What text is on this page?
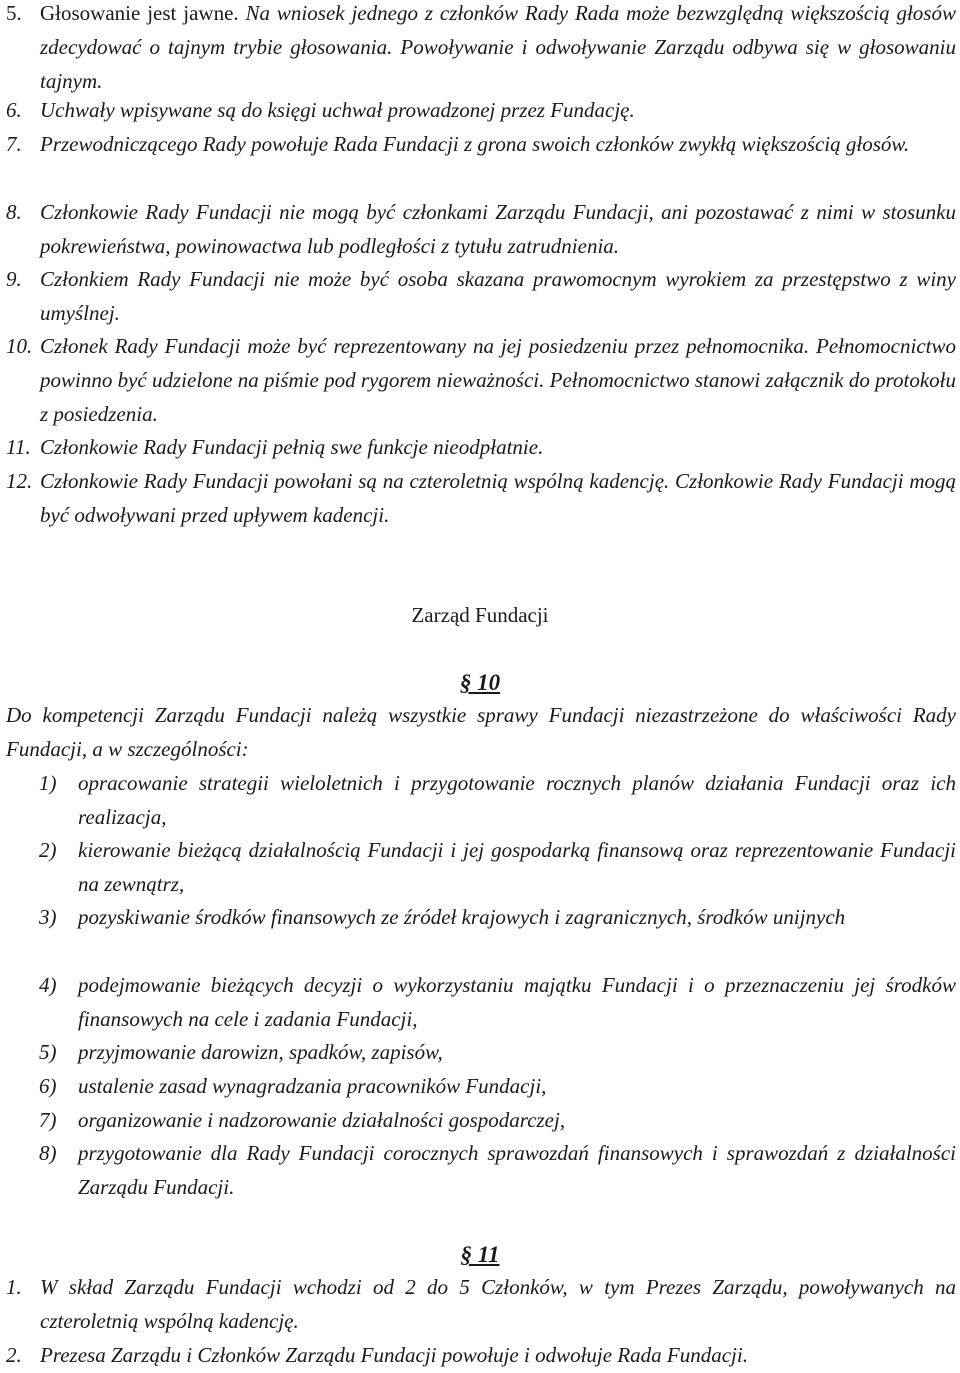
5. Głosowanie jest jawne. Na wniosek jednego z członków Rady Rada może bezwzględną większością głosów zdecydować o tajnym trybie głosowania. Powoływanie i odwoływanie Zarządu odbywa się w głosowaniu tajnym.

6. Uchwały wpisywane są do księgi uchwał prowadzonej przez Fundację.

7. Przewodniczącego Rady powołuje Rada Fundacji z grona swoich członków zwykłą większością głosów.

8. Członkowie Rady Fundacji nie mogą być członkami Zarządu Fundacji, ani pozostawać z nimi w stosunku pokrewieństwa, powinowactwa lub podległości z tytułu zatrudnienia.

9. Członkiem Rady Fundacji nie może być osoba skazana prawomocnym wyrokiem za przestępstwo z winy umyślnej.

10. Członek Rady Fundacji może być reprezentowany na jej posiedzeniu przez pełnomocnika. Pełnomocnictwo powinno być udzielone na piśmie pod rygorem nieważności. Pełnomocnictwo stanowi załącznik do protokołu z posiedzenia.

11. Członkowie Rady Fundacji pełnią swe funkcje nieodpłatnie.

12. Członkowie Rady Fundacji powołani są na czteroletnią wspólną kadencję. Członkowie Rady Fundacji mogą być odwoływani przed upływem kadencji.

Zarząd Fundacji
§ 10

Do kompetencji Zarządu Fundacji należą wszystkie sprawy Fundacji niezastrzeżone do właściwości Rady Fundacji, a w szczególności:

1)	opracowanie strategii wieloletnich i przygotowanie rocznych planów działania Fundacji oraz ich realizacja,

2)	kierowanie bieżącą działalnością Fundacji i jej gospodarką finansową oraz reprezentowanie Fundacji na zewnątrz,

3)	pozyskiwanie środków finansowych ze źródeł krajowych i zagranicznych, środków unijnych

4)	podejmowanie bieżących decyzji o wykorzystaniu majątku Fundacji i o przeznaczeniu jej środków finansowych na cele i zadania Fundacji,

5)	przyjmowanie darowizn, spadków, zapisów,

6)	ustalenie zasad wynagradzania pracowników Fundacji,

7)	organizowanie i nadzorowanie działalności gospodarczej,

8)	przygotowanie dla Rady Fundacji corocznych sprawozdań finansowych i sprawozdań z działalności Zarządu Fundacji.

§ 11

1. W skład Zarządu Fundacji wchodzi od 2 do 5 Członków, w tym Prezes Zarządu, powoływanych na czteroletnią wspólną kadencję.

2. Prezesa Zarządu i Członków Zarządu Fundacji powołuje i odwołuje Rada Fundacji.
